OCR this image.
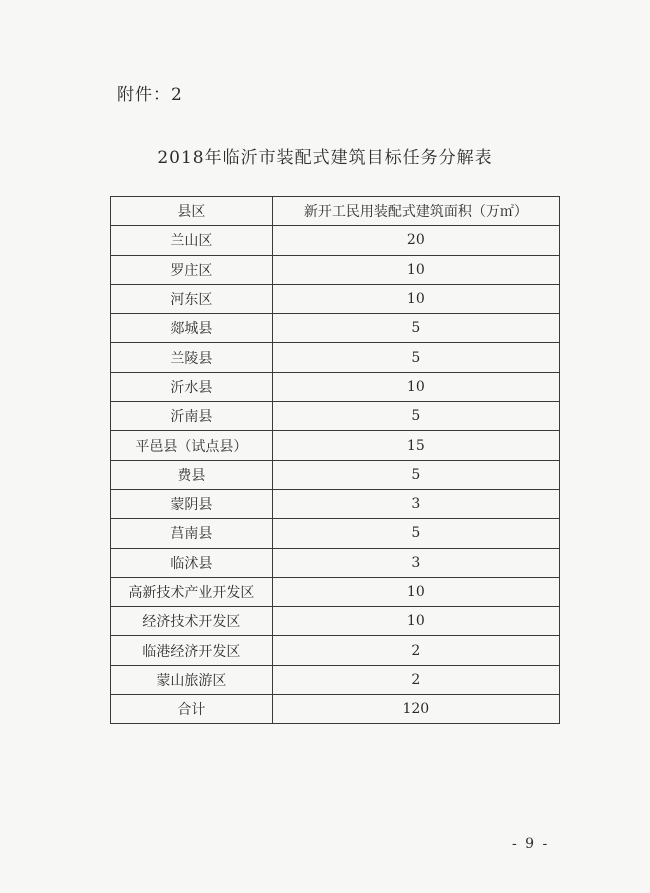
附件：2
2018年临沂市装配式建筑目标任务分解表
县区	新开工民用装配式建筑面积（万㎡）
兰山区	20
罗庄区	10
河东区	10
郯城县	5
兰陵县	5
沂水县	10
沂南县	5
平邑县（试点县）	15
费县	5
蒙阴县	3
莒南县	5
临沭县	3
高新技术产业开发区	10
经济技术开发区	10
临港经济开发区	2
蒙山旅游区	2
合计	120
- 9 -
